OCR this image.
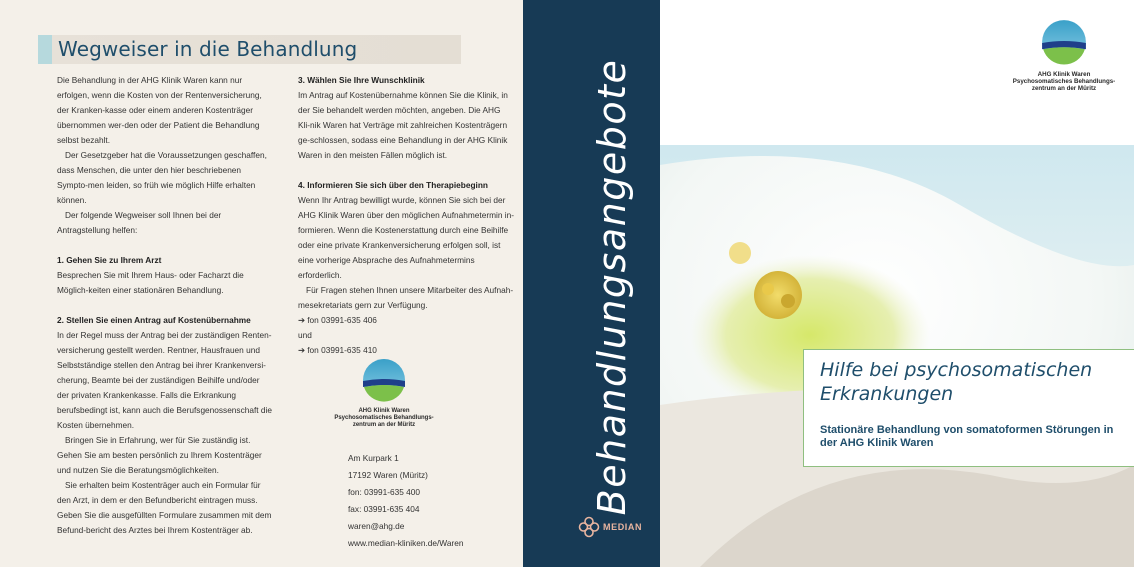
Wegweiser in die Behandlung

Die Behandlung in der AHG Klinik Waren kann nur erfolgen, wenn die Kosten von der Rentenversicherung, der Kranken-kasse oder einem anderen Kostenträger übernommen wer-den oder der Patient die Behandlung selbst bezahlt.

Der Gesetzgeber hat die Voraussetzungen geschaffen, dass Menschen, die unter den hier beschriebenen Sympto-men leiden, so früh wie möglich Hilfe erhalten können.

Der folgende Wegweiser soll Ihnen bei der Antragstellung helfen:

1. Gehen Sie zu Ihrem Arzt

Besprechen Sie mit Ihrem Haus- oder Facharzt die Möglich-keiten einer stationären Behandlung.

2. Stellen Sie einen Antrag auf Kostenübernahme

In der Regel muss der Antrag bei der zuständigen Renten-versicherung gestellt werden. Rentner, Hausfrauen und Selbstständige stellen den Antrag bei ihrer Krankenversi-cherung, Beamte bei der zuständigen Beihilfe und/oder der privaten Krankenkasse. Falls die Erkrankung berufsbedingt ist, kann auch die Berufsgenossenschaft die Kosten übernehmen.

Bringen Sie in Erfahrung, wer für Sie zuständig ist. Gehen Sie am besten persönlich zu Ihrem Kostenträger und nutzen Sie die Beratungsmöglichkeiten.

Sie erhalten beim Kostenträger auch ein Formular für den Arzt, in dem er den Befundbericht eintragen muss. Geben Sie die ausgefüllten Formulare zusammen mit dem Befund-bericht des Arztes bei Ihrem Kostenträger ab.

3. Wählen Sie Ihre Wunschklinik

Im Antrag auf Kostenübernahme können Sie die Klinik, in der Sie behandelt werden möchten, angeben. Die AHG Kli-nik Waren hat Verträge mit zahlreichen Kostenträgern ge-schlossen, sodass eine Behandlung in der AHG Klinik Waren in den meisten Fällen möglich ist.

4. Informieren Sie sich über den Therapiebeginn

Wenn Ihr Antrag bewilligt wurde, können Sie sich bei der AHG Klinik Waren über den möglichen Aufnahmetermin in-formieren. Wenn die Kostenerstattung durch eine Beihilfe oder eine private Krankenversicherung erfolgen soll, ist eine vorherige Absprache des Aufnahmetermins erforderlich.

Für Fragen stehen Ihnen unsere Mitarbeiter des Aufnah-mesekretariats gern zur Verfügung.

➔ fon 03991-635 406

und

➔ fon 03991-635 410

AHG Klinik Waren
Psychosomatisches Behandlungs-
zentrum an der Müritz
Am Kurpark 1
17192 Waren (Müritz)
fon: 03991-635 400
fax: 03991-635 404
waren@ahg.de
www.median-kliniken.de/Waren
Behandlungsangebote
MEDIAN
AHG Klinik Waren
Psychosomatisches Behandlungs-
zentrum an der Müritz
Hilfe bei psychosomatischen Erkrankungen
Stationäre Behandlung von somatoformen Störungen in der AHG Klinik Waren
